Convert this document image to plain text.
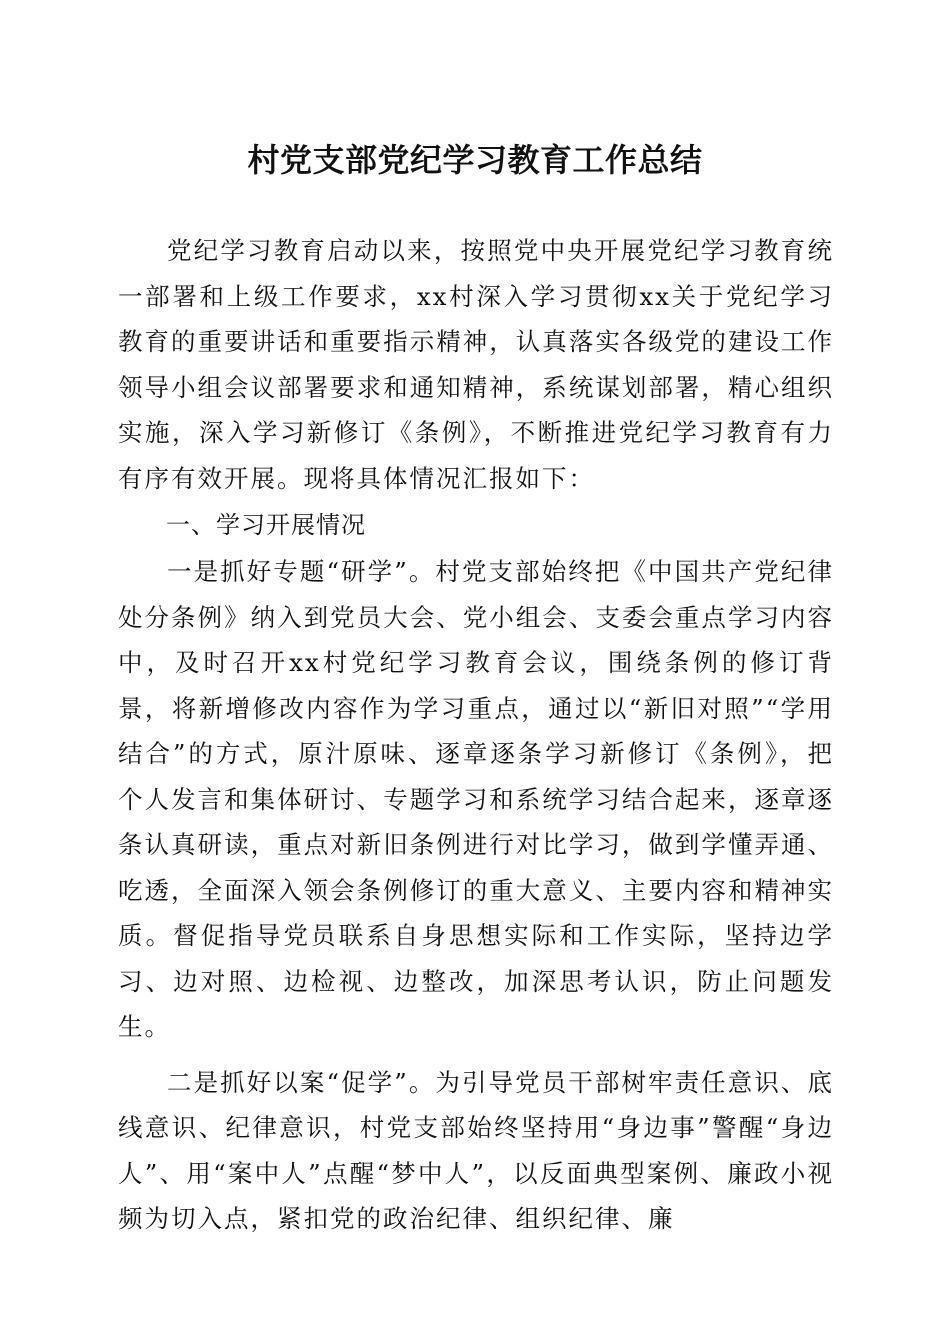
村党支部党纪学习教育工作总结

党纪学习教育启动以来，按照党中央开展党纪学习教育统一部署和上级工作要求，xx村深入学习贯彻xx关于党纪学习教育的重要讲话和重要指示精神，认真落实各级党的建设工作领导小组会议部署要求和通知精神，系统谋划部署，精心组织实施，深入学习新修订《条例》，不断推进党纪学习教育有力有序有效开展。现将具体情况汇报如下：

一、学习开展情况

一是抓好专题“研学”。村党支部始终把《中国共产党纪律处分条例》纳入到党员大会、党小组会、支委会重点学习内容中，及时召开xx村党纪学习教育会议，围绕条例的修订背景，将新增修改内容作为学习重点，通过以“新旧对照”“学用结合”的方式，原汁原味、逐章逐条学习新修订《条例》，把个人发言和集体研讨、专题学习和系统学习结合起来，逐章逐条认真研读，重点对新旧条例进行对比学习，做到学懂弄通、吃透，全面深入领会条例修订的重大意义、主要内容和精神实质。督促指导党员联系自身思想实际和工作实际，坚持边学习、边对照、边检视、边整改，加深思考认识，防止问题发生。

二是抓好以案“促学”。为引导党员干部树牢责任意识、底线意识、纪律意识，村党支部始终坚持用“身边事”警醒“身边人”、用“案中人”点醒“梦中人”，以反面典型案例、廉政小视频为切入点，紧扣党的政治纪律、组织纪律、廉
